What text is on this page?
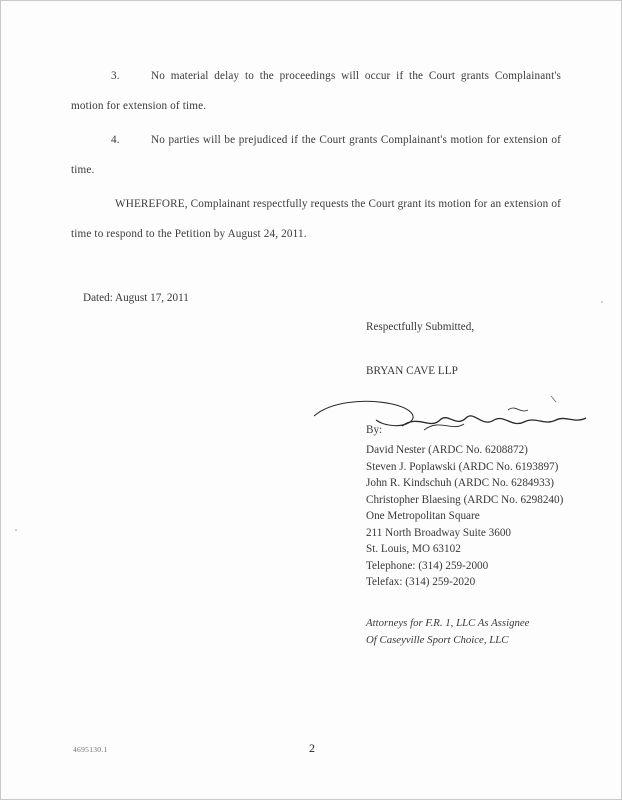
3.	No material delay to the proceedings will occur if the Court grants Complainant's motion for extension of time.

4.	No parties will be prejudiced if the Court grants Complainant's motion for extension of time.

WHEREFORE, Complainant respectfully requests the Court grant its motion for an extension of time to respond to the Petition by August 24, 2011.

Dated: August 17, 2011

Respectfully Submitted,
BRYAN CAVE LLP
By:
David Nester (ARDC No. 6208872)
Steven J. Poplawski (ARDC No. 6193897)
John R. Kindschuh (ARDC No. 6284933)
Christopher Blaesing (ARDC No. 6298240)
One Metropolitan Square
211 North Broadway Suite 3600
St. Louis, MO 63102
Telephone: (314) 259-2000
Telefax: (314) 259-2020
Attorneys for F.R. 1, LLC As Assignee
Of Caseyville Sport Choice, LLC
4695130.1	2
